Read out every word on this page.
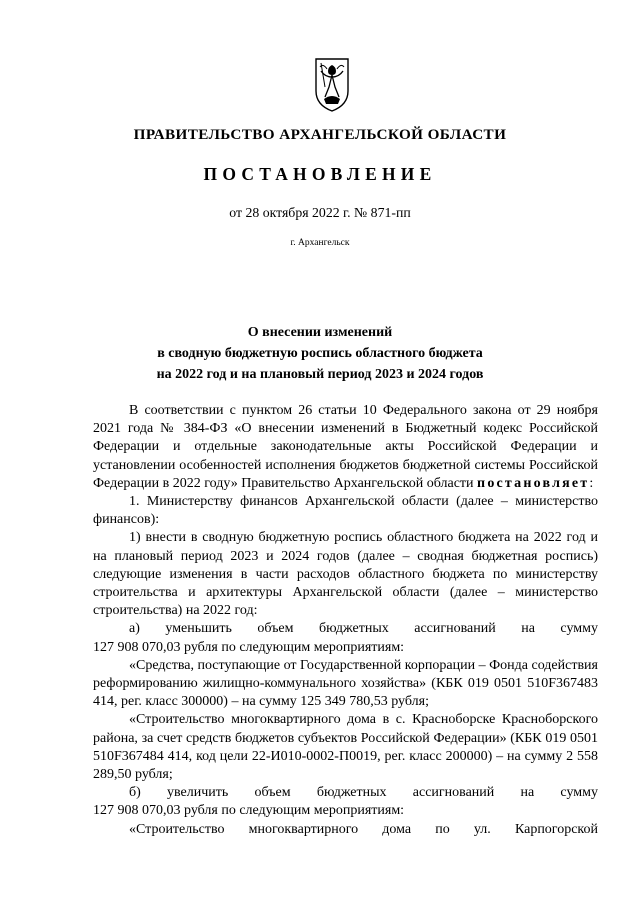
ПРАВИТЕЛЬСТВО АРХАНГЕЛЬСКОЙ ОБЛАСТИ
ПОСТАНОВЛЕНИЕ
от 28 октября 2022 г. № 871-пп
г. Архангельск
О внесении изменений
в сводную бюджетную роспись областного бюджета
на 2022 год и на плановый период 2023 и 2024 годов

В соответствии с пунктом 26 статьи 10 Федерального закона от 29 ноября 2021 года № 384-ФЗ «О внесении изменений в Бюджетный кодекс Российской Федерации и отдельные законодательные акты Российской Федерации и установлении особенностей исполнения бюджетов бюджетной системы Российской Федерации в 2022 году» Правительство Архангельской области постановляет:

1. Министерству финансов Архангельской области (далее – министерство финансов):

1) внести в сводную бюджетную роспись областного бюджета на 2022 год и на плановый период 2023 и 2024 годов (далее – сводная бюджетная роспись) следующие изменения в части расходов областного бюджета по министерству строительства и архитектуры Архангельской области (далее – министерство строительства) на 2022 год:

а) уменьшить объем бюджетных ассигнований на сумму

127 908 070,03 рубля по следующим мероприятиям:

«Средства, поступающие от Государственной корпорации – Фонда содействия реформированию жилищно-коммунального хозяйства» (КБК 019 0501 510F367483 414, рег. класс 300000) – на сумму 125 349 780,53 рубля;

«Строительство многоквартирного дома в с. Красноборске Красноборского района, за счет средств бюджетов субъектов Российской Федерации» (КБК 019 0501 510F367484 414, код цели 22-И010-0002-П0019, рег. класс 200000) – на сумму 2 558 289,50 рубля;

б) увеличить объем бюджетных ассигнований на сумму

127 908 070,03 рубля по следующим мероприятиям:

«Строительство многоквартирного дома по ул. Карпогорской
